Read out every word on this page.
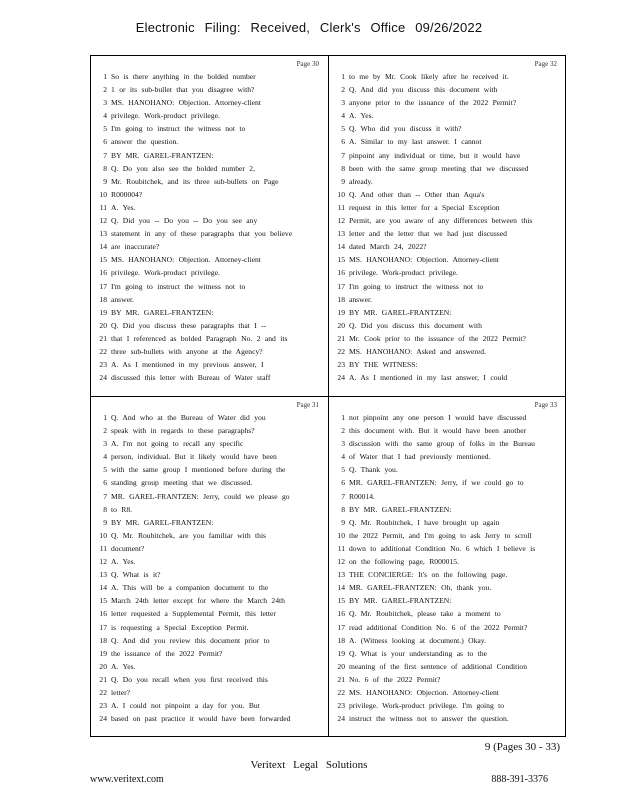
Electronic Filing: Received, Clerk's Office 09/26/2022
Page 30
1 So is there anything in the bolded number
2 1 or its sub-bullet that you disagree with?
3 MS. HANOHANO: Objection. Attorney-client
4 privilege. Work-product privilege.
5 I'm going to instruct the witness not to
6 answer the question.
7 BY MR. GAREL-FRANTZEN:
8 Q. Do you also see the bolded number 2,
9 Mr. Roubitchek, and its three sub-bullets on Page
10 R000004?
11 A. Yes.
12 Q. Did you -- Do you -- Do you see any
13 statement in any of these paragraphs that you believe
14 are inaccurate?
15 MS. HANOHANO: Objection. Attorney-client
16 privilege. Work-product privilege.
17 I'm going to instruct the witness not to
18 answer.
19 BY MR. GAREL-FRANTZEN:
20 Q. Did you discuss these paragraphs that I --
21 that I referenced as bolded Paragraph No. 2 and its
22 three sub-bullets with anyone at the Agency?
23 A. As I mentioned in my previous answer, I
24 discussed this letter with Bureau of Water staff
Page 32
1 to me by Mr. Cook likely after he received it.
2 Q. And did you discuss this document with
3 anyone prior to the issuance of the 2022 Permit?
4 A. Yes.
5 Q. Who did you discuss it with?
6 A. Similar to my last answer. I cannot
7 pinpoint any individual or time, but it would have
8 been with the same group meeting that we discussed
9 already.
10 Q. And other than -- Other than Aqua's
11 request in this letter for a Special Exception
12 Permit, are you aware of any differences between this
13 letter and the letter that we had just discussed
14 dated March 24, 2022?
15 MS. HANOHANO: Objection. Attorney-client
16 privilege. Work-product privilege.
17 I'm going to instruct the witness not to
18 answer.
19 BY MR. GAREL-FRANTZEN:
20 Q. Did you discuss this document with
21 Mr. Cook prior to the issuance of the 2022 Permit?
22 MS. HANOHANO: Asked and answered.
23 BY THE WITNESS:
24 A. As I mentioned in my last answer, I could
Page 31
1 Q. And who at the Bureau of Water did you
2 speak with in regards to these paragraphs?
3 A. I'm not going to recall any specific
4 person, individual. But it likely would have been
5 with the same group I mentioned before during the
6 standing group meeting that we discussed.
7 MR. GAREL-FRANTZEN: Jerry, could we please go
8 to R8.
9 BY MR. GAREL-FRANTZEN:
10 Q. Mr. Roubitchek, are you familiar with this
11 document?
12 A. Yes.
13 Q. What is it?
14 A. This will be a companion document to the
15 March 24th letter except for where the March 24th
16 letter requested a Supplemental Permit, this letter
17 is requesting a Special Exception Permit.
18 Q. And did you review this document prior to
19 the issuance of the 2022 Permit?
20 A. Yes.
21 Q. Do you recall when you first received this
22 letter?
23 A. I could not pinpoint a day for you. But
24 based on past practice it would have been forwarded
Page 33
1 not pinpoint any one person I would have discussed
2 this document with. But it would have been another
3 discussion with the same group of folks in the Bureau
4 of Water that I had previously mentioned.
5 Q. Thank you.
6 MR. GAREL-FRANTZEN: Jerry, if we could go to
7 R00014.
8 BY MR. GAREL-FRANTZEN:
9 Q. Mr. Roubitchek, I have brought up again
10 the 2022 Permit, and I'm going to ask Jerry to scroll
11 down to additional Condition No. 6 which I believe is
12 on the following page, R000015.
13 THE CONCIERGE: It's on the following page.
14 MR. GAREL-FRANTZEN: Oh, thank you.
15 BY MR. GAREL-FRANTZEN:
16 Q. Mr. Roubitchek, please take a moment to
17 read additional Condition No. 6 of the 2022 Permit?
18 A. (Witness looking at document.) Okay.
19 Q. What is your understanding as to the
20 meaning of the first sentence of additional Condition
21 No. 6 of the 2022 Permit?
22 MS. HANOHANO: Objection. Attorney-client
23 privilege. Work-product privilege. I'm going to
24 instruct the witness not to answer the question.
9 (Pages 30 - 33)
Veritext Legal Solutions
www.veritext.com	888-391-3376
